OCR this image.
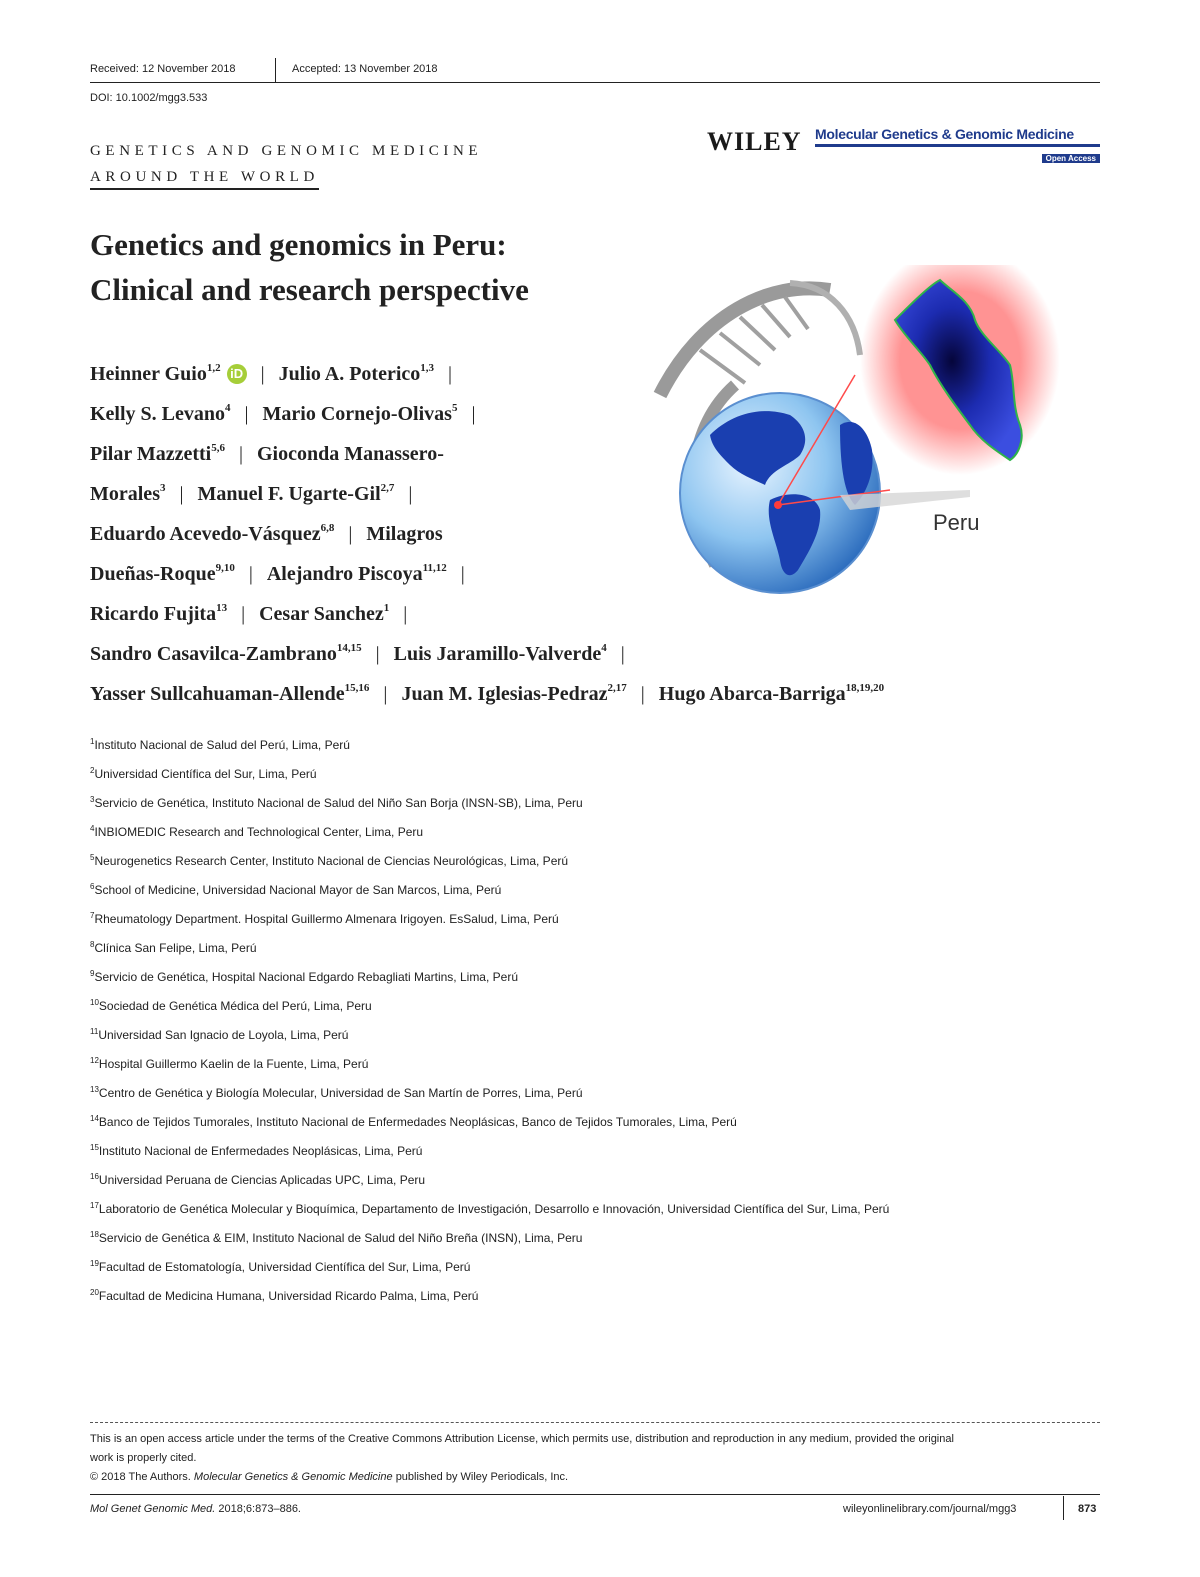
Received: 12 November 2018	Accepted: 13 November 2018
DOI: 10.1002/mgg3.533
GENETICS AND GENOMIC MEDICINE
AROUND THE WORLD
WILEY Molecular Genetics & Genomic Medicine
Open Access
Genetics and genomics in Peru:
Clinical and research perspective
Peru
Heinner Guio$^{1,2}$ iD | Julio A. Poterico$^{1,3}$ |
Kelly S. Levano$^4$ | Mario Cornejo-Olivas$^5$ |
Pilar Mazzetti$^{5,6}$ | Gioconda Manassero-
Morales$^3$ | Manuel F. Ugarte-Gil$^{2,7}$ |
Eduardo Acevedo-Vásquez$^{6,8}$ | Milagros
Dueñas-Roque$^{9,10}$ | Alejandro Piscoya$^{11,12}$ |
Ricardo Fujita$^{13}$ | Cesar Sanchez$^1$ |
Sandro Casavilca-Zambrano$^{14,15}$ | Luis Jaramillo-Valverde$^4$ |
Yasser Sullcahuaman-Allende$^{15,16}$ | Juan M. Iglesias-Pedraz$^{2,17}$ | Hugo Abarca-Barriga$^{18,19,20}$
$^1$Instituto Nacional de Salud del Perú, Lima, Perú
$^2$Universidad Científica del Sur, Lima, Perú
$^3$Servicio de Genética, Instituto Nacional de Salud del Niño San Borja (INSN-SB), Lima, Peru
$^4$INBIOMEDIC Research and Technological Center, Lima, Peru
$^5$Neurogenetics Research Center, Instituto Nacional de Ciencias Neurológicas, Lima, Perú
$^6$School of Medicine, Universidad Nacional Mayor de San Marcos, Lima, Perú
$^7$Rheumatology Department. Hospital Guillermo Almenara Irigoyen. EsSalud, Lima, Perú
$^8$Clínica San Felipe, Lima, Perú
$^9$Servicio de Genética, Hospital Nacional Edgardo Rebagliati Martins, Lima, Perú
$^{10}$Sociedad de Genética Médica del Perú, Lima, Peru
$^{11}$Universidad San Ignacio de Loyola, Lima, Perú
$^{12}$Hospital Guillermo Kaelin de la Fuente, Lima, Perú
$^{13}$Centro de Genética y Biología Molecular, Universidad de San Martín de Porres, Lima, Perú
$^{14}$Banco de Tejidos Tumorales, Instituto Nacional de Enfermedades Neoplásicas, Banco de Tejidos Tumorales, Lima, Perú
$^{15}$Instituto Nacional de Enfermedades Neoplásicas, Lima, Perú
$^{16}$Universidad Peruana de Ciencias Aplicadas UPC, Lima, Peru
$^{17}$Laboratorio de Genética Molecular y Bioquímica, Departamento de Investigación, Desarrollo e Innovación, Universidad Científica del Sur, Lima, Perú
$^{18}$Servicio de Genética & EIM, Instituto Nacional de Salud del Niño Breña (INSN), Lima, Peru
$^{19}$Facultad de Estomatología, Universidad Científica del Sur, Lima, Perú
$^{20}$Facultad de Medicina Humana, Universidad Ricardo Palma, Lima, Perú
This is an open access article under the terms of the Creative Commons Attribution License, which permits use, distribution and reproduction in any medium, provided the original
work is properly cited.
© 2018 The Authors. Molecular Genetics & Genomic Medicine published by Wiley Periodicals, Inc.
Mol Genet Genomic Med. 2018;6:873–886.	wileyonlinelibrary.com/journal/mgg3	873
